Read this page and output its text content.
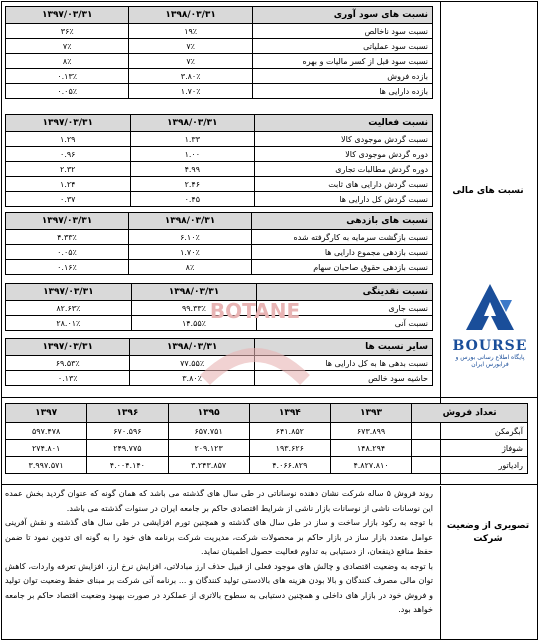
نسبت های مالی
تصویری از وضعیت شرکت
نسبت های سود آوری	۱۳۹۸/۰۳/۳۱	۱۳۹۷/۰۳/۳۱
نسبت سود ناخالص	۱۹٪	۳۶٪
نسبت سود عملیاتی	۷٪	۷٪
نسبت سود قبل از کسر مالیات و بهره	۷٪	۸٪
بازده فروش	۳.۸۰٪	۰.۱۳٪
بازده دارایی ها	۱.۷۰٪	۰.۰۵٪
نسبت فعالیت	۱۳۹۸/۰۳/۳۱	۱۳۹۷/۰۳/۳۱
نسبت گردش موجودی کالا	۱.۳۳	۱.۲۹
دوره گردش موجودی کالا	۱.۰۰	۰.۹۶
دوره گردش مطالبات تجاری	۴.۹۹	۲.۳۲
نسبت گردش دارایی های ثابت	۲.۴۶	۱.۲۴
نسبت گردش کل دارایی ها	۰.۴۵	۰.۳۷
نسبت های بازدهی	۱۳۹۸/۰۳/۳۱	۱۳۹۷/۰۳/۳۱
نسبت بازگشت سرمایه به کارگرفته شده	۶.۱۰٪	۴.۳۳٪
نسبت بازدهی مجموع دارایی ها	۱.۷۰٪	۰.۰۵٪
نسبت بازدهی حقوق صاحبان سهام	۸٪	۰.۱۶٪
نسبت نقدینگی	۱۳۹۸/۰۳/۳۱	۱۳۹۷/۰۳/۳۱
نسبت جاری	۹۹.۳۳٪	۸۲.۶۳٪
نسبت آنی	۱۴.۵۵٪	۲۸.۰۱٪
سایر نسبت ها	۱۳۹۸/۰۳/۳۱	۱۳۹۷/۰۳/۳۱
نسبت بدهی ها به کل دارایی ها	۷۷.۵۵٪	۶۹.۵۳٪
حاشیه سود خالص	۳.۸۰٪	۰.۱۳٪
BOTANE
BOURSE
پایگاه اطلاع رسانی بورس و فرابورس ایران
تعداد فروش	۱۳۹۳	۱۳۹۴	۱۳۹۵	۱۳۹۶	۱۳۹۷
آبگرمکن	۶۷۳.۸۹۹	۶۴۱.۸۵۲	۶۵۷.۷۵۱	۶۷۰.۵۹۶	۵۹۷.۴۷۸
شوفاژ	۱۴۸.۲۹۴	۱۹۳.۶۲۶	۲۰۹.۱۲۳	۲۴۹.۷۷۵	۲۷۴.۸۰۱
رادیاتور	۴.۸۲۷.۸۱۰	۴.۰۶۶.۸۲۹	۳.۲۴۳.۸۵۷	۴.۰۰۴.۱۴۰	۳.۹۹۷.۵۷۱

روند فروش ۵ ساله شرکت نشان دهنده نوساناتی در طی سال های گذشته می باشد که همان گونه که عنوان گردید بخش عمده این نوسانات ناشی از نوسانات بازار ناشی از شرایط اقتصادی حاکم بر جامعه ایران در سنوات گذشته می باشد.

با توجه به رکود بازار ساخت و ساز در طی سال های گذشته و همچنین تورم افزایشی در طی سال های گذشته و نقش آفرینی عوامل متعدد بازار ساز در بازار حاکم بر محصولات شرکت، مدیریت شرکت برنامه های خود را به گونه ای تدوین نمود تا ضمن حفظ منافع ذینفعان، از دستیابی به تداوم فعالیت حصول اطمینان نماید.

با توجه به وضعیت اقتصادی و چالش های موجود فعلی از قبیل حذف ارز مبادلاتی، افزایش نرخ ارز، افزایش تعرفه واردات، کاهش توان مالی مصرف کنندگان و بالا بودن هزینه های بالادستی تولید کنندگان و ... برنامه آتی شرکت بر مبنای حفظ وضعیت توان تولید و فروش خود در بازار های داخلی و همچنین دستیابی به سطوح بالاتری از عملکرد در صورت بهبود وضعیت اقتصاد حاکم بر جامعه خواهد بود.
